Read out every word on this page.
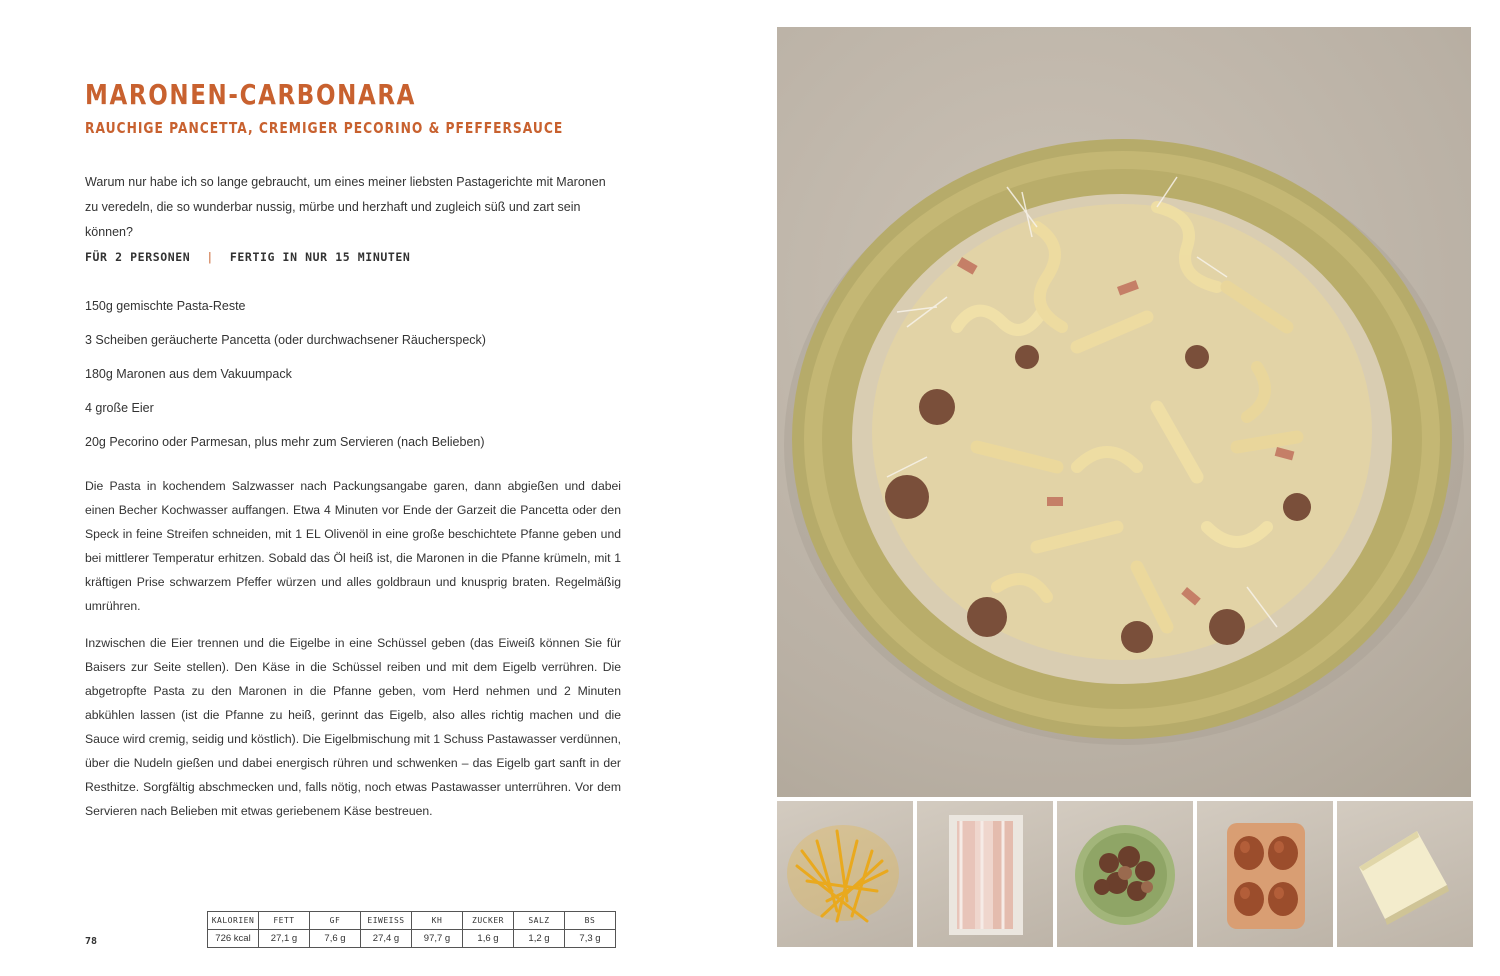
MARONEN-CARBONARA
RAUCHIGE PANCETTA, CREMIGER PECORINO & PFEFFERSAUCE

Warum nur habe ich so lange gebraucht, um eines meiner liebsten Pastagerichte mit Maronen zu veredeln, die so wunderbar nussig, mürbe und herzhaft und zugleich süß und zart sein können?

FÜR 2 PERSONEN | FERTIG IN NUR 15 MINUTEN
150g gemischte Pasta-Reste
3 Scheiben geräucherte Pancetta (oder durchwachsener Räucherspeck)
180g Maronen aus dem Vakuumpack
4 große Eier
20g Pecorino oder Parmesan, plus mehr zum Servieren (nach Belieben)

Die Pasta in kochendem Salzwasser nach Packungsangabe garen, dann abgießen und dabei einen Becher Kochwasser auffangen. Etwa 4 Minuten vor Ende der Garzeit die Pancetta oder den Speck in feine Streifen schneiden, mit 1 EL Olivenöl in eine große beschichtete Pfanne geben und bei mittlerer Temperatur erhitzen. Sobald das Öl heiß ist, die Maronen in die Pfanne krümeln, mit 1 kräftigen Prise schwarzem Pfeffer würzen und alles goldbraun und knusprig braten. Regelmäßig umrühren.

Inzwischen die Eier trennen und die Eigelbe in eine Schüssel geben (das Eiweiß können Sie für Baisers zur Seite stellen). Den Käse in die Schüssel reiben und mit dem Eigelb verrühren. Die abgetropfte Pasta zu den Maronen in die Pfanne geben, vom Herd nehmen und 2 Minuten abkühlen lassen (ist die Pfanne zu heiß, gerinnt das Eigelb, also alles richtig machen und die Sauce wird cremig, seidig und köstlich). Die Eigelbmischung mit 1 Schuss Pastawasser verdünnen, über die Nudeln gießen und dabei energisch rühren und schwenken – das Eigelb gart sanft in der Resthitze. Sorgfältig abschmecken und, falls nötig, noch etwas Pastawasser unterrühren. Vor dem Servieren nach Belieben mit etwas geriebenem Käse bestreuen.

78
KALORIEN	FETT	GF	EIWEISS	KH	ZUCKER	SALZ	BS
726 kcal	27,1 g	7,6 g	27,4 g	97,7 g	1,6 g	1,2 g	7,3 g
